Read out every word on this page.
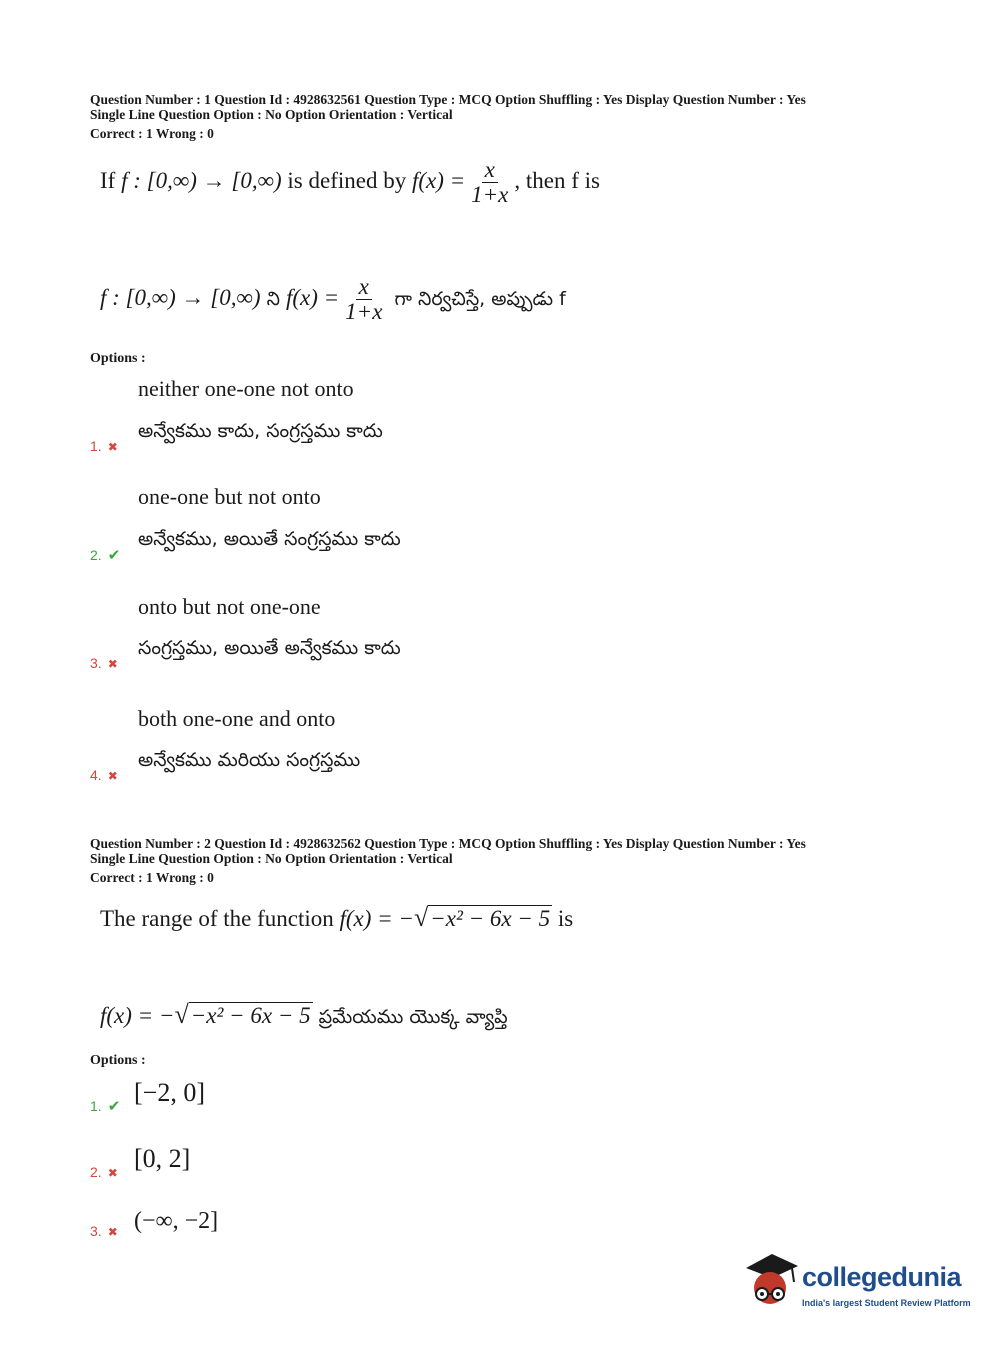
Question Number : 1 Question Id : 4928632561 Question Type : MCQ Option Shuffling : Yes Display Question Number : Yes
Single Line Question Option : No Option Orientation : Vertical
Correct : 1 Wrong : 0
If f : [0,∞) → [0,∞) is defined by $f(x) = \frac{x}{1+x}$ , then f is
f : [0,∞) → [0,∞) ని $f(x) = \frac{x}{1+x}$ గా నిర్వచిస్తే, అప్పుడు f
Options :
neither one-one not onto
అన్వేకము కాదు, సంగ్రస్తము కాదు
1. ✖
one-one but not onto
అన్వేకము, అయితే సంగ్రస్తము కాదు
2. ✔
onto but not one-one
సంగ్రస్తము, అయితే అన్వేకము కాదు
3. ✖
both one-one and onto
అన్వేకము మరియు సంగ్రస్తము
4. ✖
Question Number : 2 Question Id : 4928632562 Question Type : MCQ Option Shuffling : Yes Display Question Number : Yes
Single Line Question Option : No Option Orientation : Vertical
Correct : 1 Wrong : 0
The range of the function f(x) = −√−x² − 6x − 5 is
f(x) = −√−x² − 6x − 5 ప్రమేయము యొక్క వ్యాప్తి
Options :
1. ✔ [−2, 0]
2. ✖ [0, 2]
3. ✖ (−∞, −2]
collegedunia
India's largest Student Review Platform
